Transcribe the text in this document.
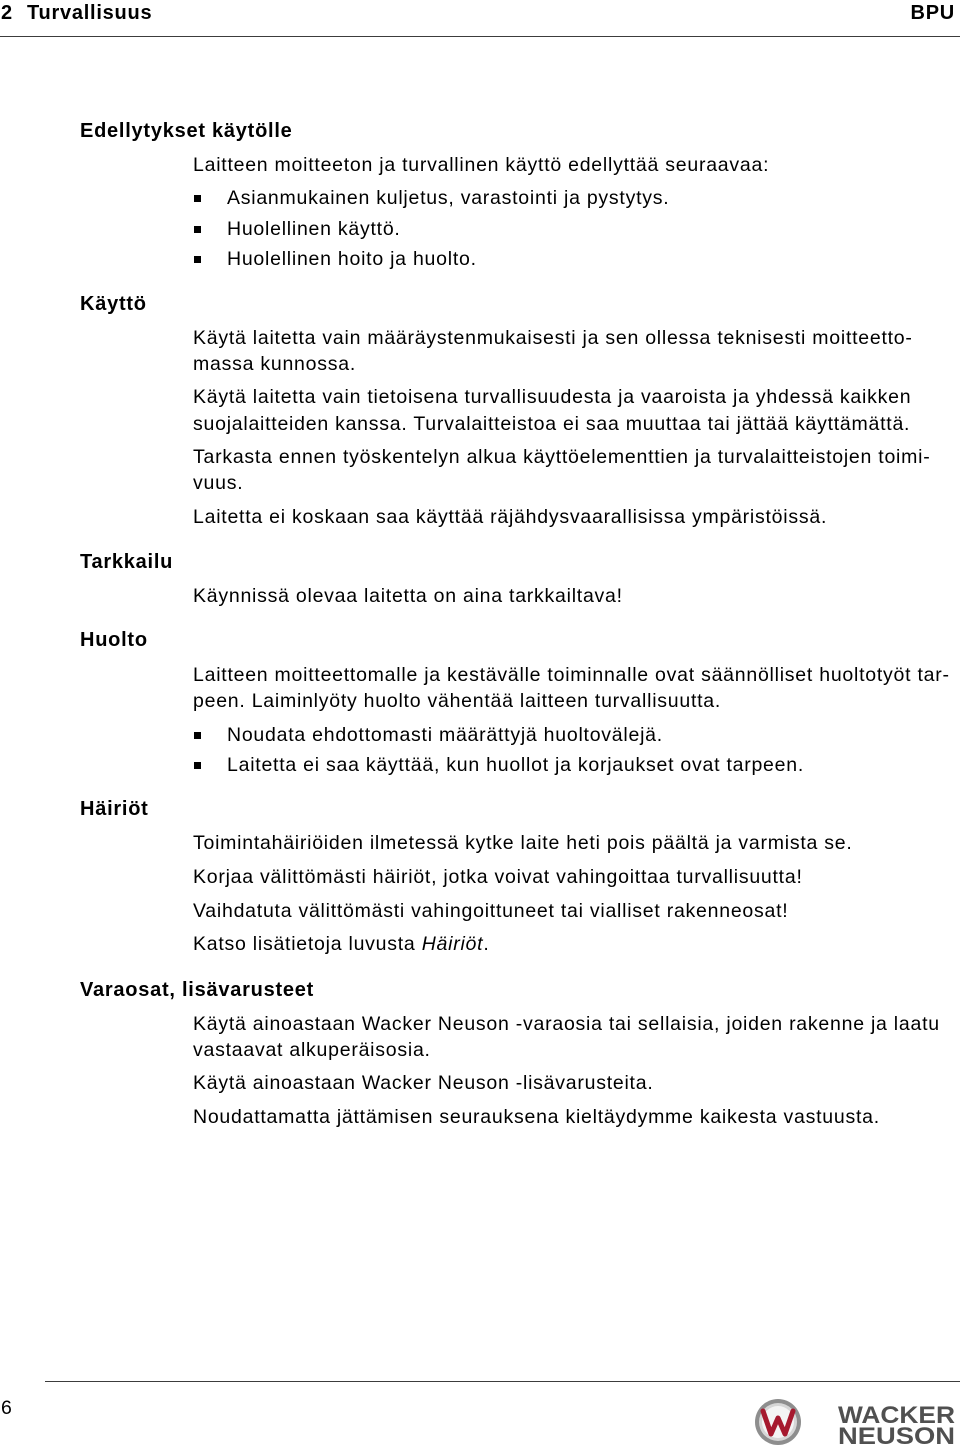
2 Turvallisuus	BPU
Edellytykset käytölle
Laitteen moitteeton ja turvallinen käyttö edellyttää seuraavaa:
Asianmukainen kuljetus, varastointi ja pystytys.
Huolellinen käyttö.
Huolellinen hoito ja huolto.
Käyttö
Käytä laitetta vain määräystenmukaisesti ja sen ollessa teknisesti moitteetto-
massa kunnossa.
Käytä laitetta vain tietoisena turvallisuudesta ja vaaroista ja yhdessä kaikken
suojalaitteiden kanssa. Turvalaitteistoa ei saa muuttaa tai jättää käyttämättä.
Tarkasta ennen työskentelyn alkua käyttöelementtien ja turvalaitteistojen toimi-
vuus.
Laitetta ei koskaan saa käyttää räjähdysvaarallisissa ympäristöissä.
Tarkkailu
Käynnissä olevaa laitetta on aina tarkkailtava!
Huolto
Laitteen moitteettomalle ja kestävälle toiminnalle ovat säännölliset huoltotyöt tar-
peen. Laiminlyöty huolto vähentää laitteen turvallisuutta.
Noudata ehdottomasti määrättyjä huoltovälejä.
Laitetta ei saa käyttää, kun huollot ja korjaukset ovat tarpeen.
Häiriöt
Toimintahäiriöiden ilmetessä kytke laite heti pois päältä ja varmista se.
Korjaa välittömästi häiriöt, jotka voivat vahingoittaa turvallisuutta!
Vaihdatuta välittömästi vahingoittuneet tai vialliset rakenneosat!
Katso lisätietoja luvusta Häiriöt.
Varaosat, lisävarusteet
Käytä ainoastaan Wacker Neuson -varaosia tai sellaisia, joiden rakenne ja laatu
vastaavat alkuperäisosia.
Käytä ainoastaan Wacker Neuson -lisävarusteita.
Noudattamatta jättämisen seurauksena kieltäydymme kaikesta vastuusta.
6	WACKER
NEUSON
